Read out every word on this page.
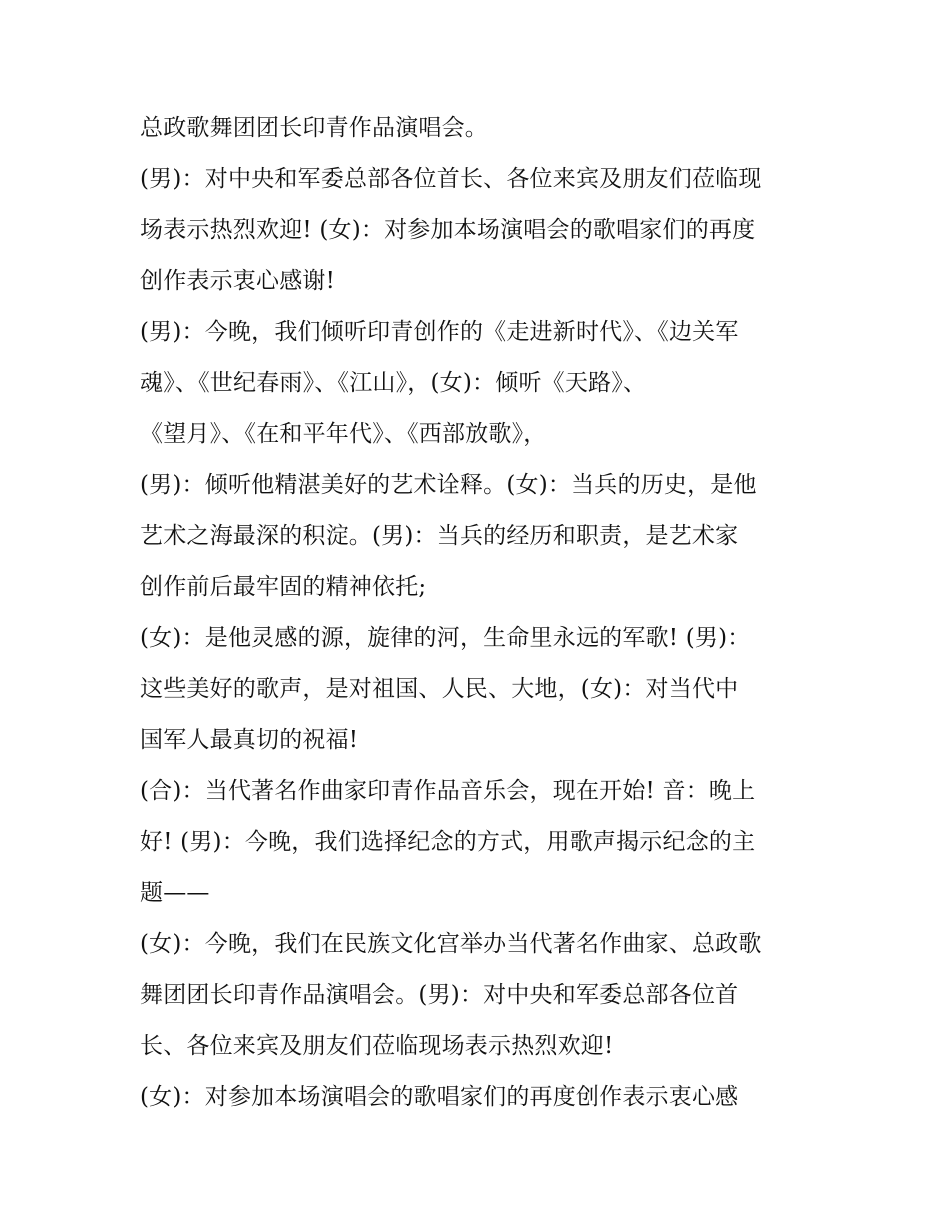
总政歌舞团团长印青作品演唱会。
(男)：对中央和军委总部各位首长、各位来宾及朋友们莅临现
场表示热烈欢迎! (女)：对参加本场演唱会的歌唱家们的再度
创作表示衷心感谢!
(男)：今晚，我们倾听印青创作的《走进新时代》、《边关军
魂》、《世纪春雨》、《江山》，(女)：倾听《天路》、
《望月》、《在和平年代》、《西部放歌》，
(男)：倾听他精湛美好的艺术诠释。(女)：当兵的历史，是他
艺术之海最深的积淀。(男)：当兵的经历和职责，是艺术家
创作前后最牢固的精神依托;
(女)：是他灵感的源，旋律的河，生命里永远的军歌! (男)：
这些美好的歌声，是对祖国、人民、大地，(女)：对当代中
国军人最真切的祝福!
(合)：当代著名作曲家印青作品音乐会，现在开始! 音：晚上
好! (男)：今晚，我们选择纪念的方式，用歌声揭示纪念的主
题——
(女)：今晚，我们在民族文化宫举办当代著名作曲家、总政歌
舞团团长印青作品演唱会。(男)：对中央和军委总部各位首
长、各位来宾及朋友们莅临现场表示热烈欢迎!
(女)：对参加本场演唱会的歌唱家们的再度创作表示衷心感
